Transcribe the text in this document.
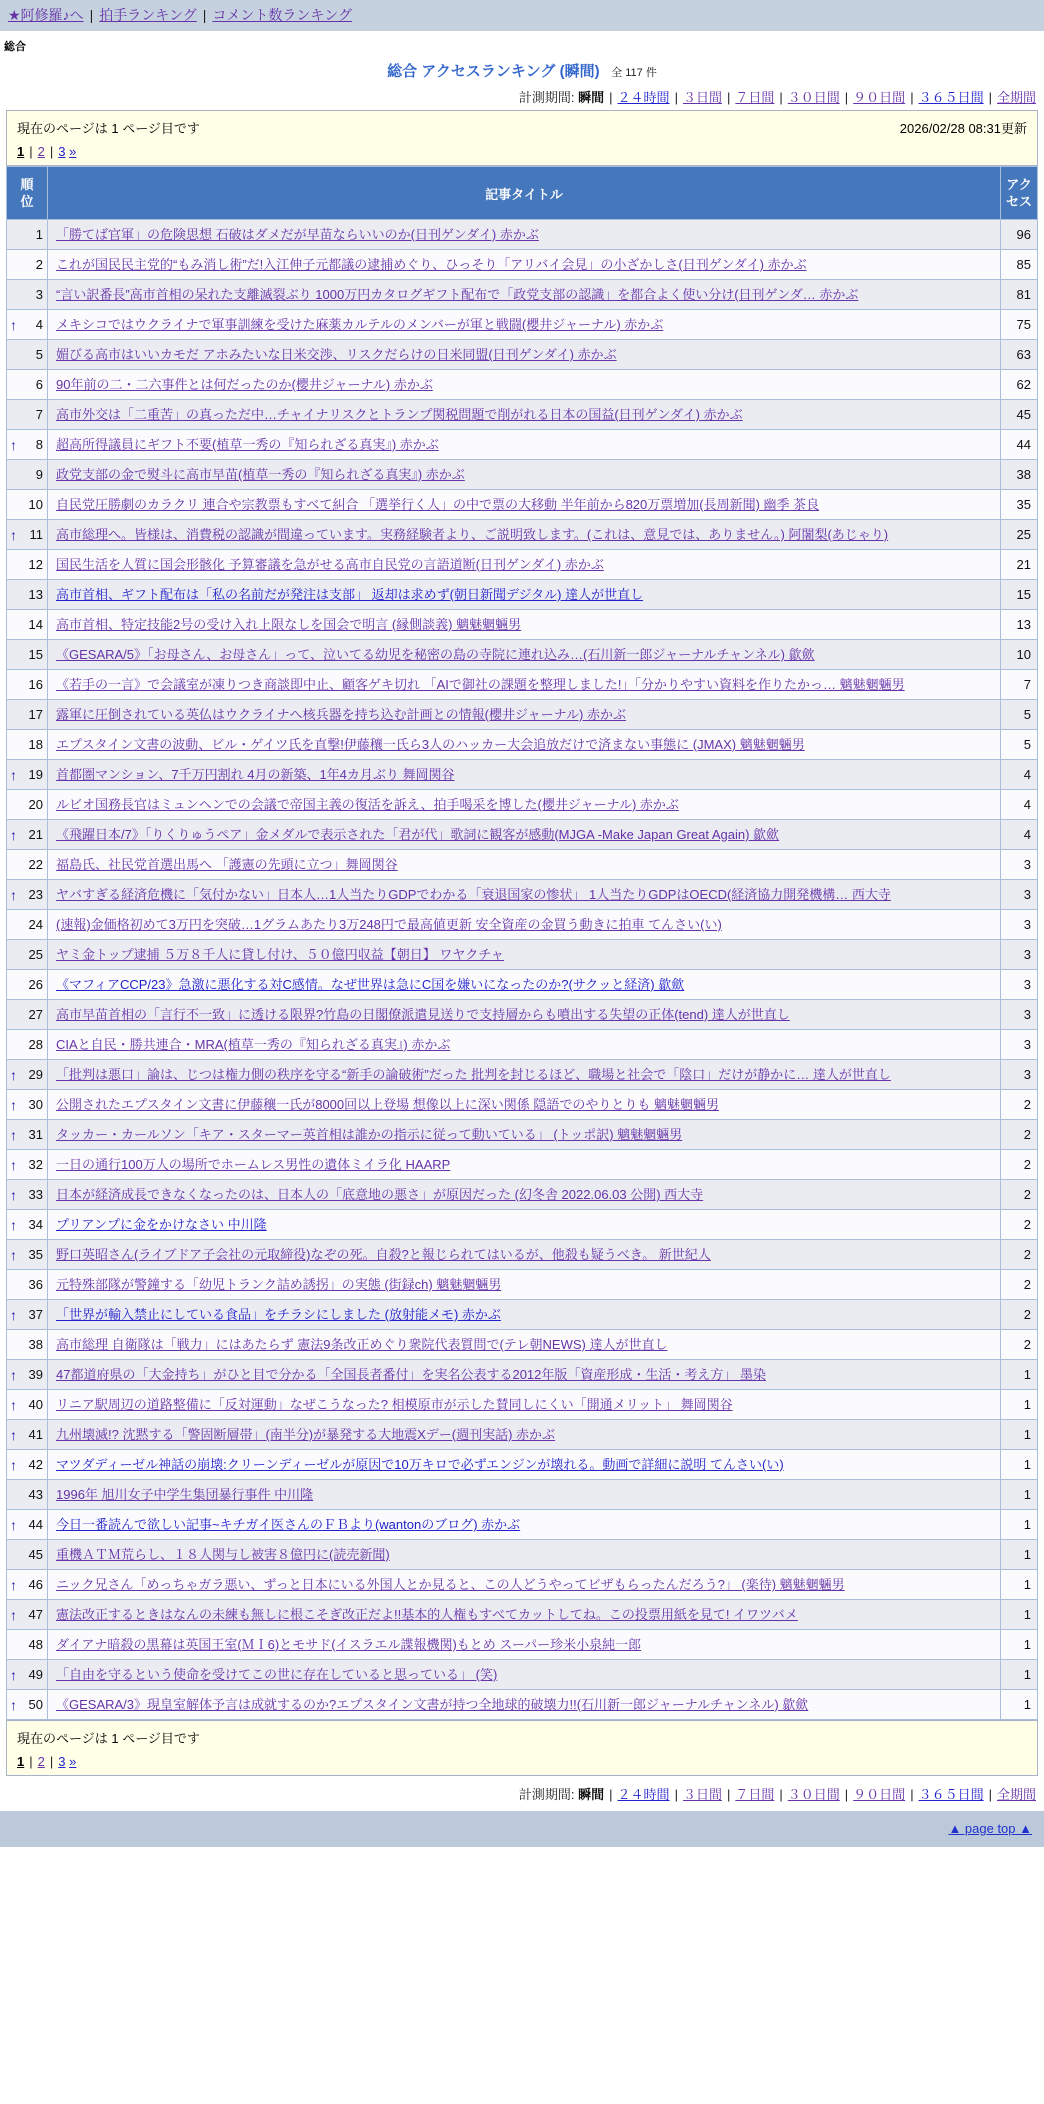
★阿修羅♪へ | 拍手ランキング | コメント数ランキング
総合
総合 アクセスランキング (瞬間) 全 117 件
計測期間: 瞬間 | ２４時間 | ３日間 | ７日間 | ３０日間 | ９０日間 | ３６５日間 | 全期間
現在のページは 1 ページ目です	2026/02/28 08:31更新
1 | 2 | 3 »
順位	記事タイトル	アクセス

1	「勝てば官軍」の危険思想 石破はダメだが早苗ならいいのか(日刊ゲンダイ) 赤かぶ	96

2	これが国民民主党的“もみ消し術”だ!入江伸子元都議の逮捕めぐり、ひっそり「アリバイ会見」の小ざかしさ(日刊ゲンダイ) 赤かぶ	85

3	“言い訳番長”高市首相の呆れた支離滅裂ぶり 1000万円カタログギフト配布で「政党支部の認識」を都合よく使い分け(日刊ゲンダ… 赤かぶ	81

↑ 4	メキシコではウクライナで軍事訓練を受けた麻薬カルテルのメンバーが軍と戦闘(櫻井ジャーナル) 赤かぶ	75

5	媚びる高市はいいカモだ アホみたいな日米交渉、リスクだらけの日米同盟(日刊ゲンダイ) 赤かぶ	63

6	90年前の二・二六事件とは何だったのか(櫻井ジャーナル) 赤かぶ	62

7	高市外交は「二重苦」の真っただ中…チャイナリスクとトランプ関税問題で削がれる日本の国益(日刊ゲンダイ) 赤かぶ	45

↑ 8	超高所得議員にギフト不要(植草一秀の『知られざる真実』) 赤かぶ	44

9	政党支部の金で熨斗に高市早苗(植草一秀の『知られざる真実』) 赤かぶ	38

10	自民党圧勝劇のカラクリ 連合や宗教票もすべて糾合 「選挙行く人」の中で票の大移動 半年前から820万票増加(長周新聞) 幽季 茶良	35

↑ 11	高市総理へ。皆様は、消費税の認識が間違っています。実務経験者より、ご説明致します。(これは、意見では、ありません。) 阿闍梨(あじゃり)	25

12	国民生活を人質に国会形骸化 予算審議を急がせる高市自民党の言語道断(日刊ゲンダイ) 赤かぶ	21

13	高市首相、ギフト配布は「私の名前だが発注は支部」 返却は求めず(朝日新聞デジタル) 達人が世直し	15

14	高市首相、特定技能2号の受け入れ上限なしを国会で明言 (縁側談義) 魑魅魍魎男	13

15	《GESARA/5》「お母さん、お母さん」って、泣いてる幼児を秘密の島の寺院に連れ込み…(石川新一郎ジャーナルチャンネル) 歙歛	10

16	《若手の一言》で会議室が凍りつき商談即中止、顧客ゲキ切れ 「AIで御社の課題を整理しました!」「分かりやすい資料を作りたかっ… 魑魅魍魎男	7

17	露軍に圧倒されている英仏はウクライナへ核兵器を持ち込む計画との情報(櫻井ジャーナル) 赤かぶ	5

18	エプスタイン文書の波動、ビル・ゲイツ氏を直撃!伊藤穰一氏ら3人のハッカー大会追放だけで済まない事態に (JMAX) 魑魅魍魎男	5

↑ 19	首都圏マンション、7千万円割れ 4月の新築、1年4カ月ぶり 舞岡関谷	4

20	ルビオ国務長官はミュンヘンでの会議で帝国主義の復活を訴え、拍手喝采を博した(櫻井ジャーナル) 赤かぶ	4

↑ 21	《飛躍日本/7》「りくりゅうペア」金メダルで表示された「君が代」歌詞に観客が感動(MJGA -Make Japan Great Again) 歙歛	4

22	福島氏、社民党首選出馬へ 「護憲の先頭に立つ」舞岡関谷	3

↑ 23	ヤバすぎる経済危機に「気付かない」日本人…1人当たりGDPでわかる「衰退国家の惨状」 1人当たりGDPはOECD(経済協力開発機構… 西大寺	3

24	(速報)金価格初めて3万円を突破…1グラムあたり3万248円で最高値更新 安全資産の金買う動きに拍車 てんさい(い)	3

25	ヤミ金トップ逮捕 ５万８千人に貸し付け、５０億円収益【朝日】 ワヤクチャ	3

26	《マフィアCCP/23》急激に悪化する対C感情。なぜ世界は急にC国を嫌いになったのか?(サクッと経済) 歙歛	3

27	高市早苗首相の「言行不一致」に透ける限界?竹島の日閣僚派遣見送りで支持層からも噴出する失望の正体(tend) 達人が世直し	3

28	CIAと自民・勝共連合・MRA(植草一秀の『知られざる真実』) 赤かぶ	3

↑ 29	「批判は悪口」論は、じつは権力側の秩序を守る“新手の論破術”だった 批判を封じるほど、職場と社会で「陰口」だけが静かに… 達人が世直し	3

↑ 30	公開されたエプスタイン文書に伊藤穰一氏が8000回以上登場 想像以上に深い関係 隠語でのやりとりも 魑魅魍魎男	2

↑ 31	タッカー・カールソン「キア・スターマー英首相は誰かの指示に従って動いている」 (トッポ訳) 魑魅魍魎男	2

↑ 32	一日の通行100万人の場所でホームレス男性の遺体ミイラ化 HAARP	2

↑ 33	日本が経済成長できなくなったのは、日本人の「底意地の悪さ」が原因だった (幻冬舎 2022.06.03 公開) 西大寺	2

↑ 34	プリアンプに金をかけなさい 中川隆	2

↑ 35	野口英昭さん(ライブドア子会社の元取締役)なぞの死。自殺?と報じられてはいるが、他殺も疑うべき。 新世紀人	2

36	元特殊部隊が警鐘する「幼児トランク詰め誘拐」の実態 (街録ch) 魑魅魍魎男	2

↑ 37	「世界が輸入禁止にしている食品」をチラシにしました (放射能メモ) 赤かぶ	2

38	高市総理 自衛隊は「戦力」にはあたらず 憲法9条改正めぐり衆院代表質問で(テレ朝NEWS) 達人が世直し	2

↑ 39	47都道府県の「大金持ち」がひと目で分かる「全国長者番付」を実名公表する2012年版「資産形成・生活・考え方」 墨染	1

↑ 40	リニア駅周辺の道路整備に「反対運動」なぜこうなった? 相模原市が示した賛同しにくい「開通メリット」 舞岡関谷	1

↑ 41	九州壊滅!? 沈黙する「警固断層帯」(南半分)が暴発する大地震Xデー(週刊実話) 赤かぶ	1

↑ 42	マツダディーゼル神話の崩壊:クリーンディーゼルが原因で10万キロで必ずエンジンが壊れる。動画で詳細に説明 てんさい(い)	1

43	1996年 旭川女子中学生集団暴行事件 中川隆	1

↑ 44	今日一番読んで欲しい記事~キチガイ医さんのＦＢより(wantonのブログ) 赤かぶ	1

45	重機ＡＴＭ荒らし、１８人関与し被害８億円に(読売新聞)	1

↑ 46	ニック兄さん「めっちゃガラ悪い、ずっと日本にいる外国人とか見ると、この人どうやってビザもらったんだろう?」 (楽待) 魑魅魍魎男	1

↑ 47	憲法改正するときはなんの未練も無しに根こそぎ改正だよ!!基本的人権もすべてカットしてね。この投票用紙を見て! イワツバメ	1

48	ダイアナ暗殺の黒幕は英国王室(ＭＩ6)とモサド(イスラエル諜報機関)もとめ スーパー珍米小泉純一郎	1

↑ 49	「自由を守るという使命を受けてこの世に存在していると思っている」 (笑)	1

↑ 50	《GESARA/3》現皇室解体予言は成就するのか?エプスタイン文書が持つ全地球的破壊力!!(石川新一郎ジャーナルチャンネル) 歙歛	1
現在のページは 1 ページ目です
1 | 2 | 3 »
計測期間: 瞬間 | ２４時間 | ３日間 | ７日間 | ３０日間 | ９０日間 | ３６５日間 | 全期間
▲ page top ▲
